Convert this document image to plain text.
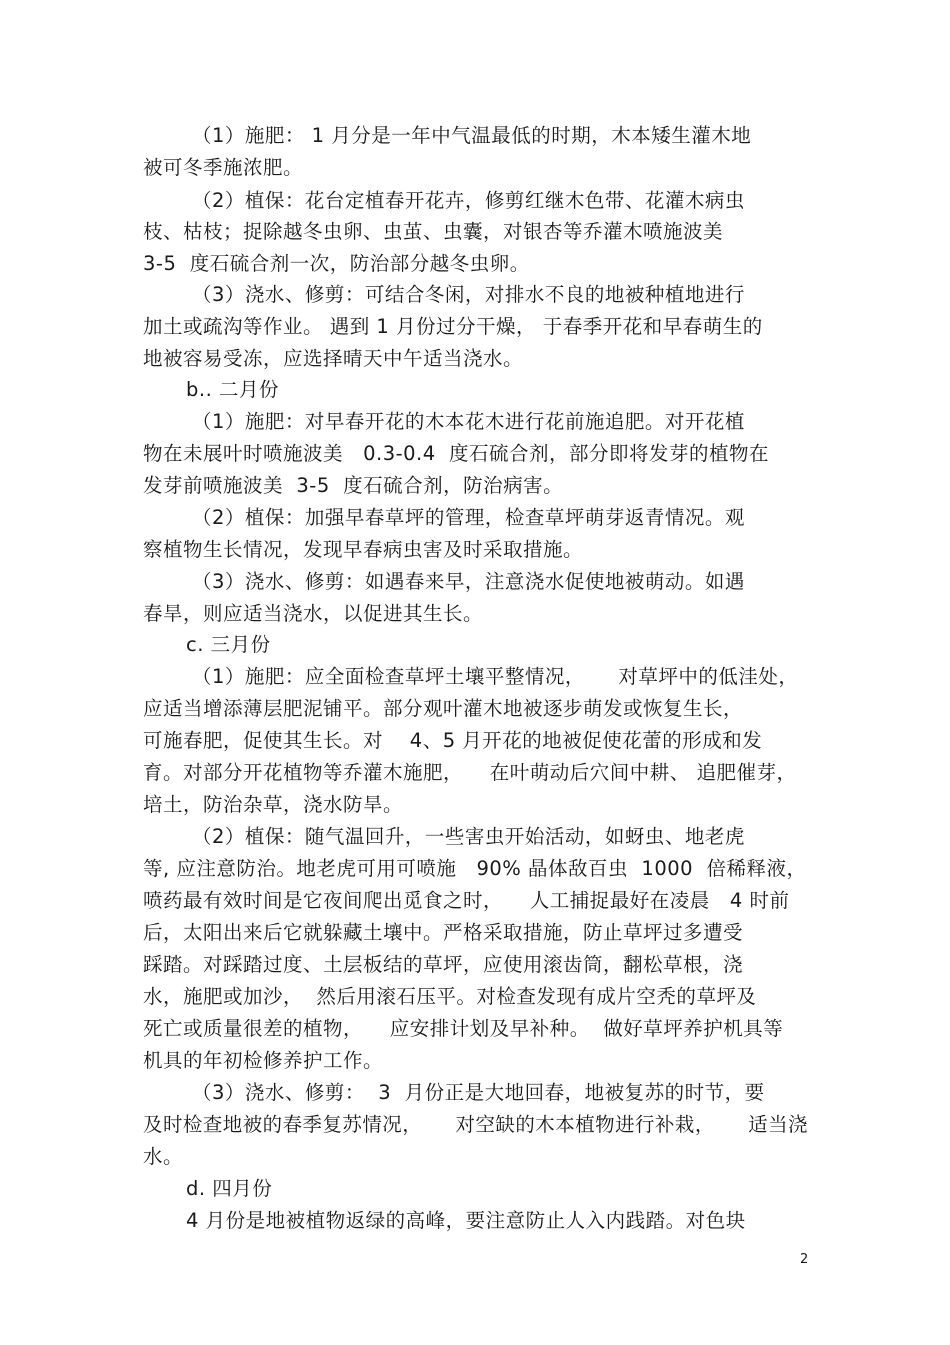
（1）施肥： 1 月分是一年中气温最低的时期，木本矮生灌木地
被可冬季施浓肥。
（2）植保：花台定植春开花卉，修剪红继木色带、花灌木病虫
枝、枯枝；捉除越冬虫卵、虫茧、虫囊，对银杏等乔灌木喷施波美
3-5  度石硫合剂一次，防治部分越冬虫卵。
（3）浇水、修剪：可结合冬闲，对排水不良的地被种植地进行
加土或疏沟等作业。 遇到 1 月份过分干燥， 于春季开花和早春萌生的
地被容易受冻，应选择晴天中午适当浇水。
b.. 二月份
（1）施肥：对早春开花的木本花木进行花前施追肥。对开花植
物在未展叶时喷施波美   0.3-0.4  度石硫合剂，部分即将发芽的植物在
发芽前喷施波美  3-5  度石硫合剂，防治病害。
（2）植保：加强早春草坪的管理，检查草坪萌芽返青情况。观
察植物生长情况，发现早春病虫害及时采取措施。
（3）浇水、修剪：如遇春来早，注意浇水促使地被萌动。如遇
春旱，则应适当浇水，以促进其生长。
c. 三月份
（1）施肥：应全面检查草坪土壤平整情况，     对草坪中的低洼处，
应适当增添薄层肥泥铺平。部分观叶灌木地被逐步萌发或恢复生长，
可施春肥，促使其生长。对    4、5 月开花的地被促使花蕾的形成和发
育。对部分开花植物等乔灌木施肥，    在叶萌动后穴间中耕、 追肥催芽，
培土，防治杂草，浇水防旱。
（2）植保：随气温回升，一些害虫开始活动，如蚜虫、地老虎
等, 应注意防治。地老虎可用可喷施   90% 晶体敌百虫  1000  倍稀释液，
喷药最有效时间是它夜间爬出觅食之时，    人工捕捉最好在凌晨   4 时前
后，太阳出来后它就躲藏土壤中。严格采取措施，防止草坪过多遭受
踩踏。对踩踏过度、土层板结的草坪，应使用滚齿筒，翻松草根，浇
水，施肥或加沙，  然后用滚石压平。对检查发现有成片空秃的草坪及
死亡或质量很差的植物，    应安排计划及早补种。  做好草坪养护机具等
机具的年初检修养护工作。
（3）浇水、修剪：  3  月份正是大地回春，地被复苏的时节，要
及时检查地被的春季复苏情况，     对空缺的木本植物进行补栽，     适当浇
水。
d. 四月份
4 月份是地被植物返绿的高峰，要注意防止人入内践踏。对色块
2
